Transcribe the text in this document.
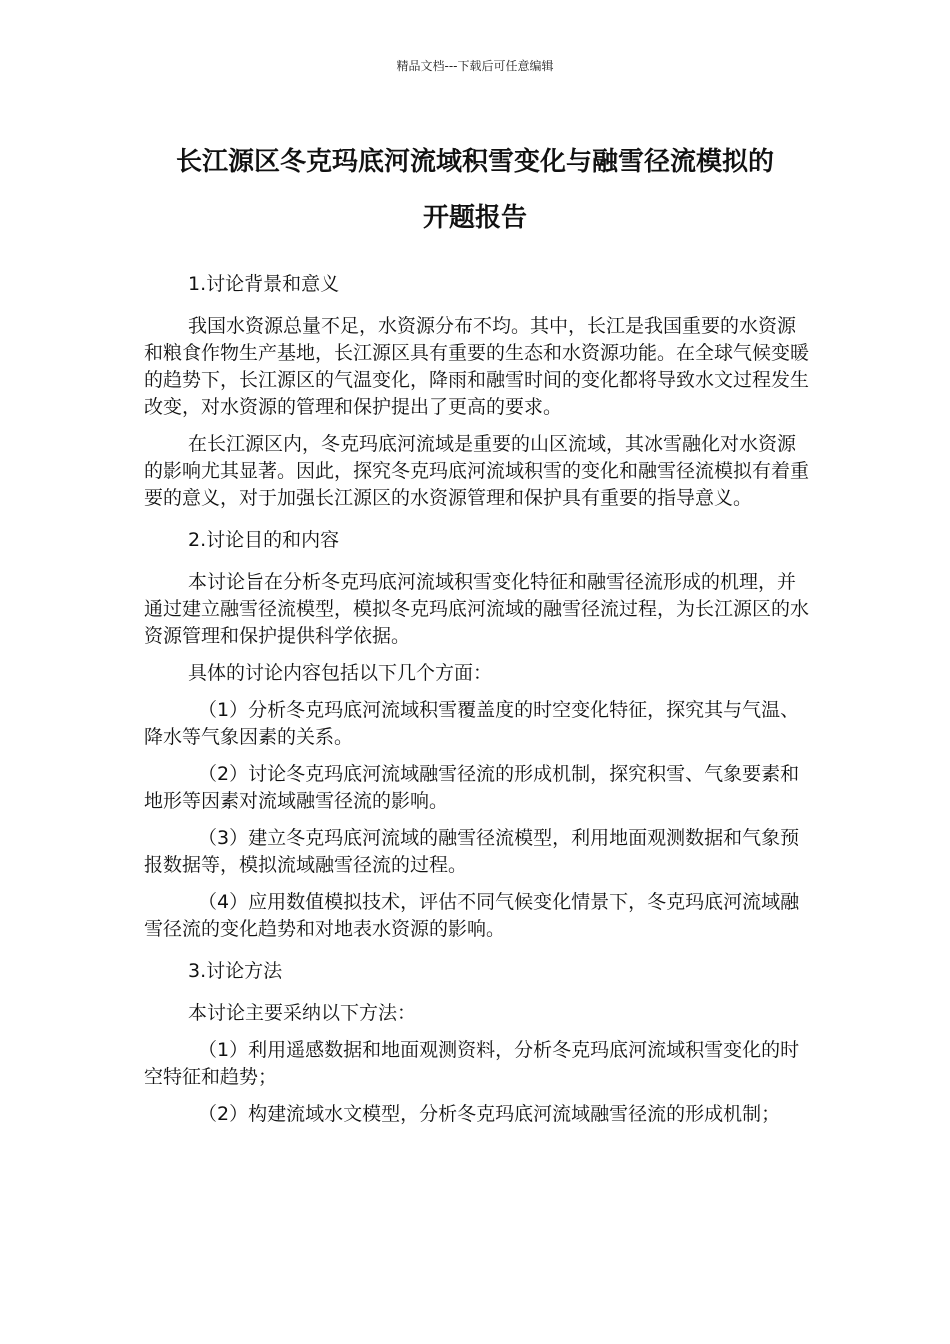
精品文档---下载后可任意编辑
长江源区冬克玛底河流域积雪变化与融雪径流模拟的
开题报告

1.讨论背景和意义

我国水资源总量不足，水资源分布不均。其中，长江是我国重要的水资源和粮食作物生产基地，长江源区具有重要的生态和水资源功能。在全球气候变暖的趋势下，长江源区的气温变化，降雨和融雪时间的变化都将导致水文过程发生改变，对水资源的管理和保护提出了更高的要求。

在长江源区内，冬克玛底河流域是重要的山区流域，其冰雪融化对水资源的影响尤其显著。因此，探究冬克玛底河流域积雪的变化和融雪径流模拟有着重要的意义，对于加强长江源区的水资源管理和保护具有重要的指导意义。

2.讨论目的和内容

本讨论旨在分析冬克玛底河流域积雪变化特征和融雪径流形成的机理，并通过建立融雪径流模型，模拟冬克玛底河流域的融雪径流过程，为长江源区的水资源管理和保护提供科学依据。

具体的讨论内容包括以下几个方面：

（1）分析冬克玛底河流域积雪覆盖度的时空变化特征，探究其与气温、降水等气象因素的关系。

（2）讨论冬克玛底河流域融雪径流的形成机制，探究积雪、气象要素和地形等因素对流域融雪径流的影响。

（3）建立冬克玛底河流域的融雪径流模型，利用地面观测数据和气象预报数据等，模拟流域融雪径流的过程。

（4）应用数值模拟技术，评估不同气候变化情景下，冬克玛底河流域融雪径流的变化趋势和对地表水资源的影响。

3.讨论方法

本讨论主要采纳以下方法：

（1）利用遥感数据和地面观测资料，分析冬克玛底河流域积雪变化的时空特征和趋势；

（2）构建流域水文模型，分析冬克玛底河流域融雪径流的形成机制；
